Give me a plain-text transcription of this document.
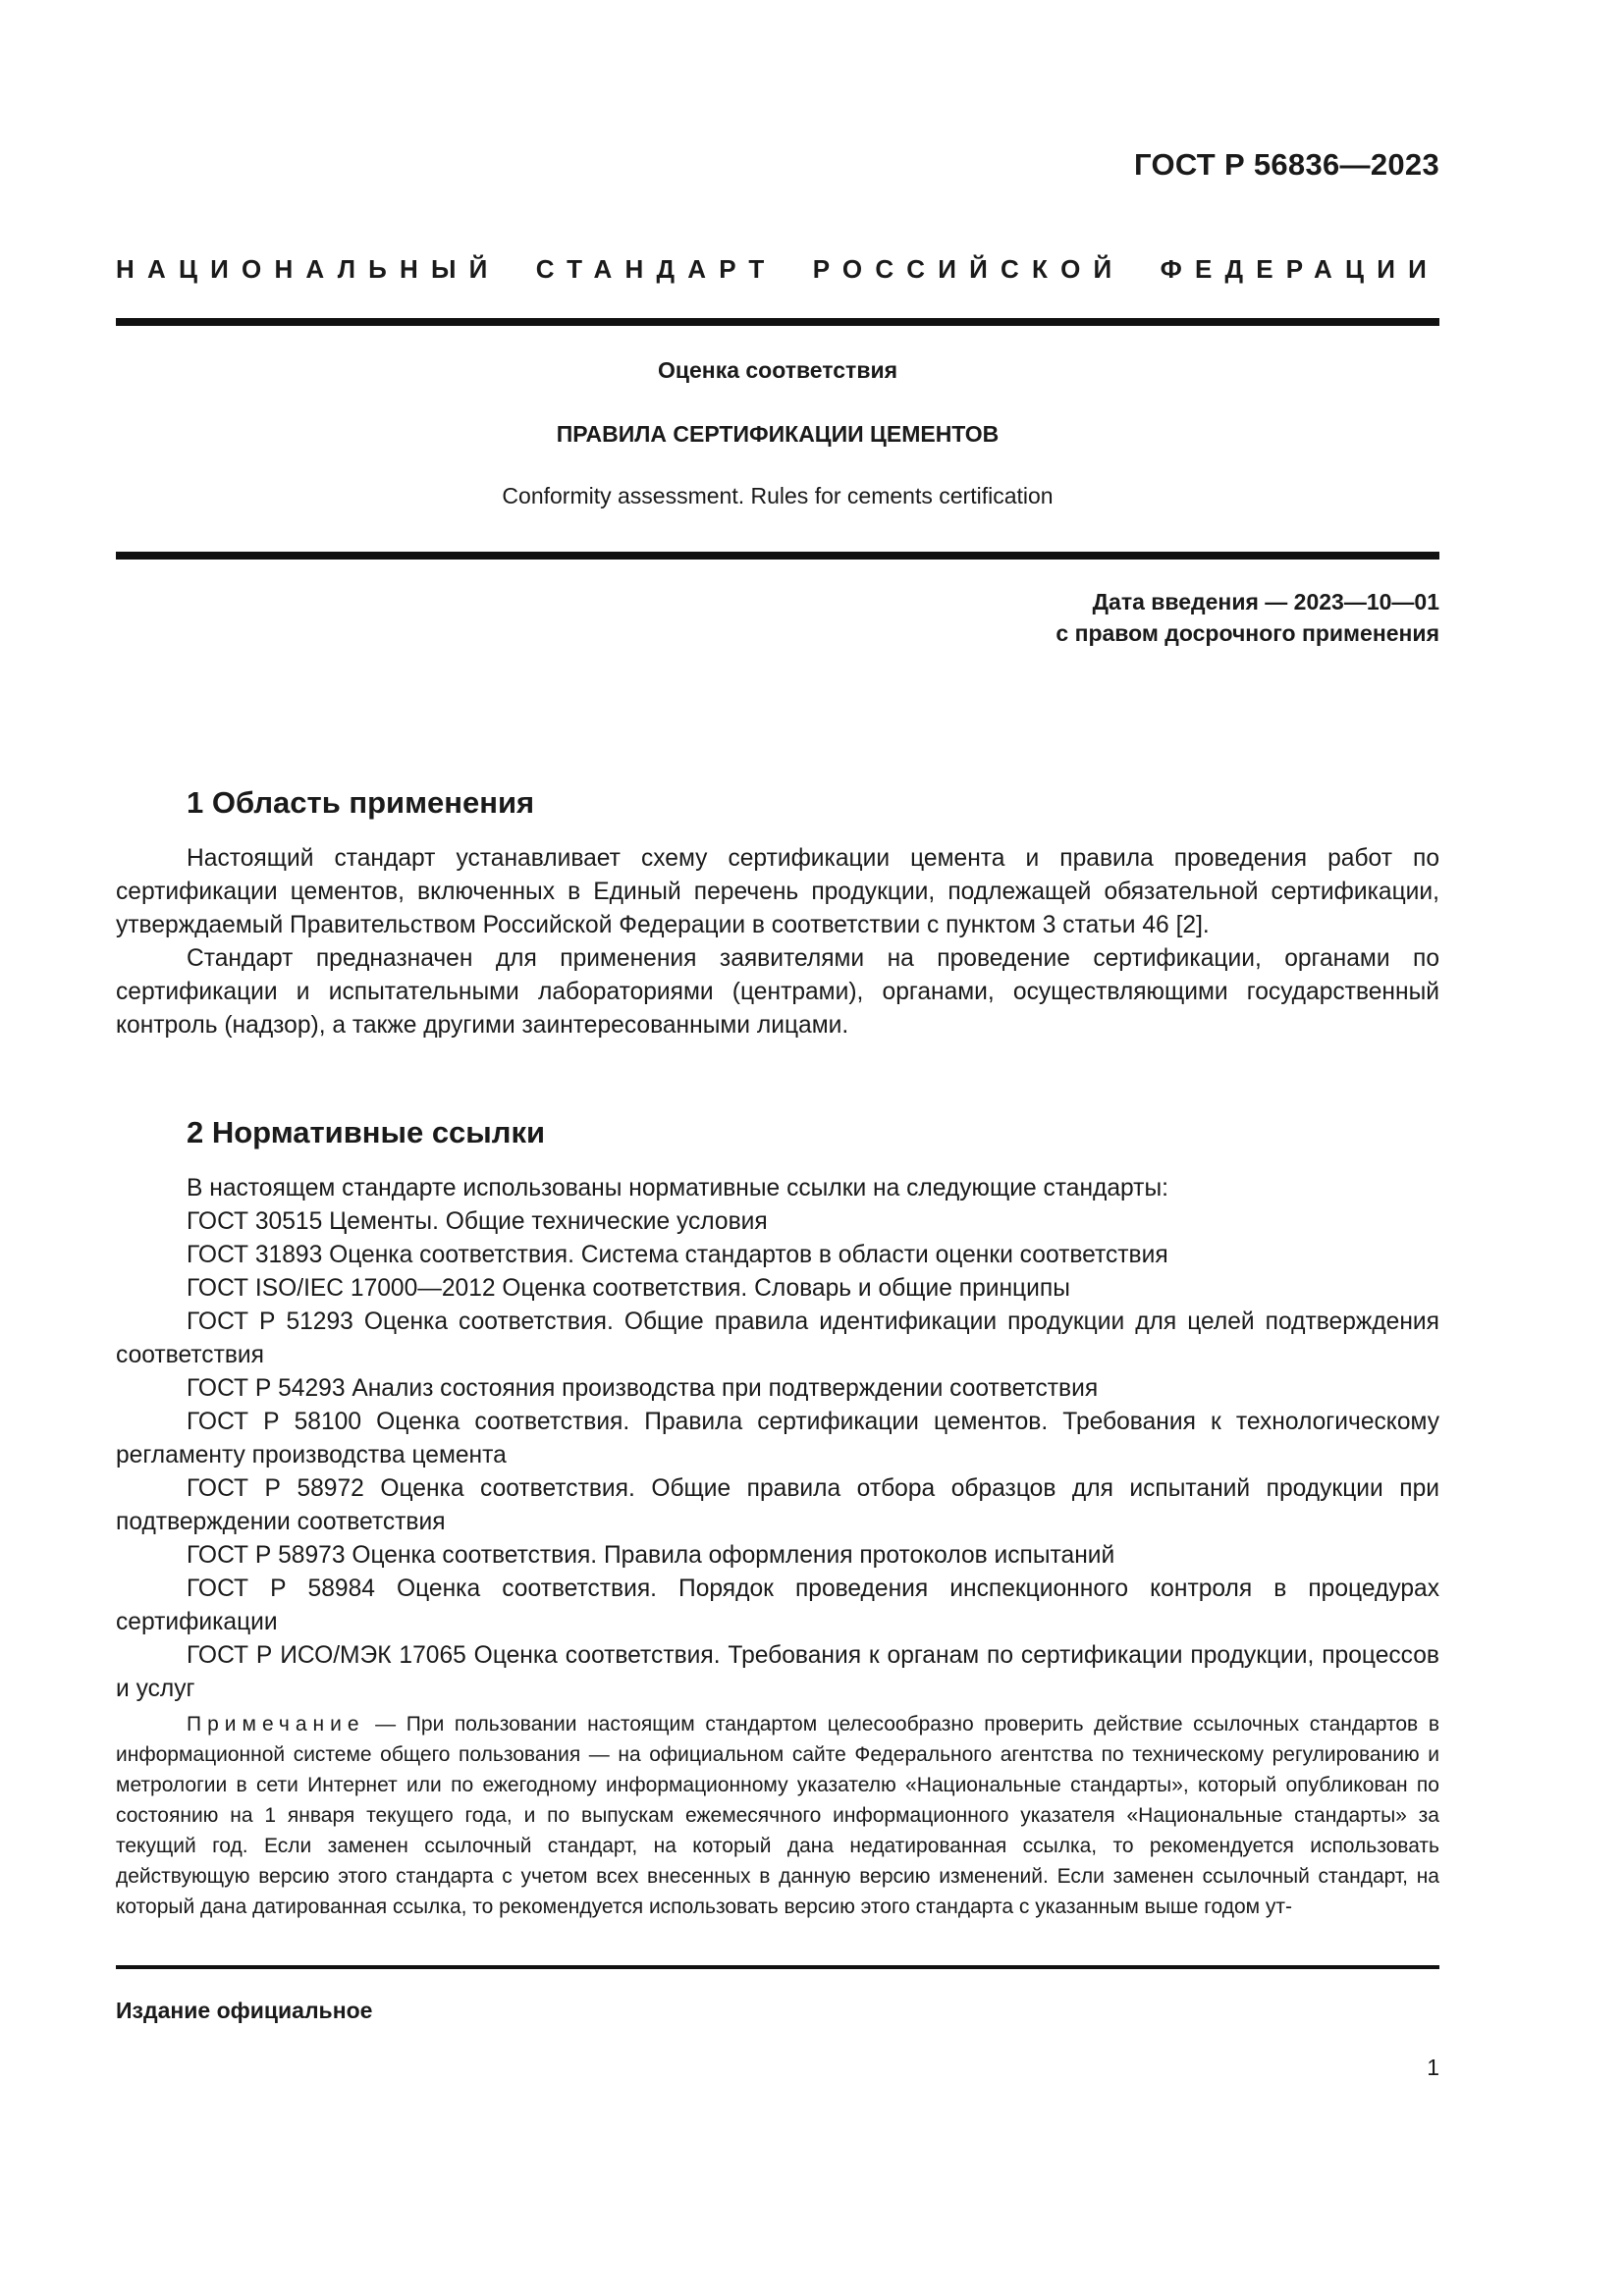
ГОСТ Р 56836—2023
НАЦИОНАЛЬНЫЙ СТАНДАРТ РОССИЙСКОЙ ФЕДЕРАЦИИ
Оценка соответствия
ПРАВИЛА СЕРТИФИКАЦИИ ЦЕМЕНТОВ
Conformity assessment. Rules for cements certification
Дата введения — 2023—10—01
с правом досрочного применения
1 Область применения

Настоящий стандарт устанавливает схему сертификации цемента и правила проведения работ по сертификации цементов, включенных в Единый перечень продукции, подлежащей обязательной сертификации, утверждаемый Правительством Российской Федерации в соответствии с пунктом 3 статьи 46 [2].

Стандарт предназначен для применения заявителями на проведение сертификации, органами по сертификации и испытательными лабораториями (центрами), органами, осуществляющими государственный контроль (надзор), а также другими заинтересованными лицами.

2 Нормативные ссылки

В настоящем стандарте использованы нормативные ссылки на следующие стандарты:

ГОСТ 30515 Цементы. Общие технические условия

ГОСТ 31893 Оценка соответствия. Система стандартов в области оценки соответствия

ГОСТ ISO/IEC 17000—2012 Оценка соответствия. Словарь и общие принципы

ГОСТ Р 51293 Оценка соответствия. Общие правила идентификации продукции для целей подтверждения соответствия

ГОСТ Р 54293 Анализ состояния производства при подтверждении соответствия

ГОСТ Р 58100 Оценка соответствия. Правила сертификации цементов. Требования к технологическому регламенту производства цемента

ГОСТ Р 58972 Оценка соответствия. Общие правила отбора образцов для испытаний продукции при подтверждении соответствия

ГОСТ Р 58973 Оценка соответствия. Правила оформления протоколов испытаний

ГОСТ Р 58984 Оценка соответствия. Порядок проведения инспекционного контроля в процедурах сертификации

ГОСТ Р ИСО/МЭК 17065 Оценка соответствия. Требования к органам по сертификации продукции, процессов и услуг

Примечание — При пользовании настоящим стандартом целесообразно проверить действие ссылочных стандартов в информационной системе общего пользования — на официальном сайте Федерального агентства по техническому регулированию и метрологии в сети Интернет или по ежегодному информационному указателю «Национальные стандарты», который опубликован по состоянию на 1 января текущего года, и по выпускам ежемесячного информационного указателя «Национальные стандарты» за текущий год. Если заменен ссылочный стандарт, на который дана недатированная ссылка, то рекомендуется использовать действующую версию этого стандарта с учетом всех внесенных в данную версию изменений. Если заменен ссылочный стандарт, на который дана датированная ссылка, то рекомендуется использовать версию этого стандарта с указанным выше годом ут-

Издание официальное
1
